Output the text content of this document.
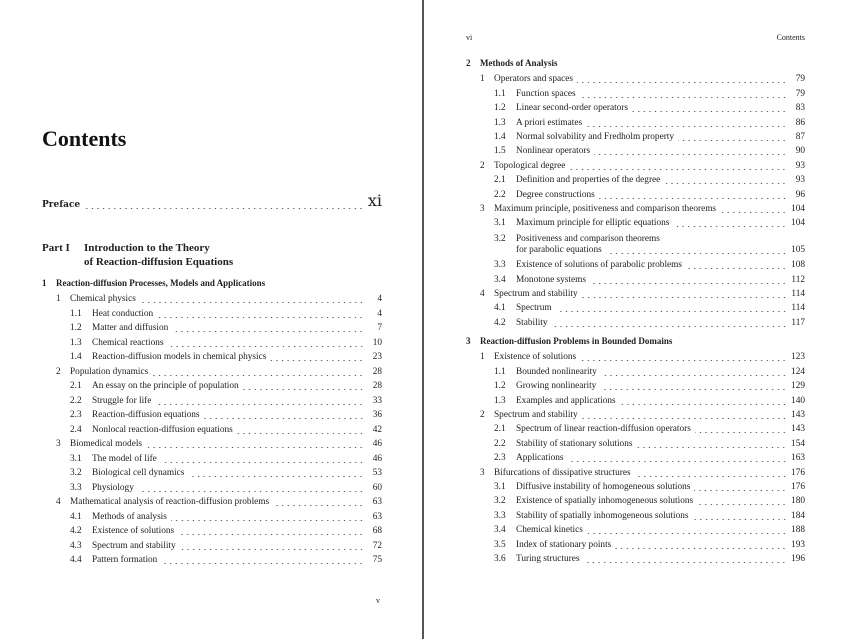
Contents
Preface	xi
Part I Introduction to the Theory
of Reaction-diffusion Equations
1 Reaction-diffusion Processes, Models and Applications
1	Chemical physics	4
1.1	Heat conduction	4
1.2	Matter and diffusion	7
1.3	Chemical reactions	10
1.4	Reaction-diffusion models in chemical physics	23
2	Population dynamics	28
2.1	An essay on the principle of population	28
2.2	Struggle for life	33
2.3	Reaction-diffusion equations	36
2.4	Nonlocal reaction-diffusion equations	42
3	Biomedical models	46
3.1	The model of life	46
3.2	Biological cell dynamics	53
3.3	Physiology	60
4	Mathematical analysis of reaction-diffusion problems	63
4.1	Methods of analysis	63
4.2	Existence of solutions	68
4.3	Spectrum and stability	72
4.4	Pattern formation	75
v
vi	Contents
2 Methods of Analysis
1	Operators and spaces	79
1.1	Function spaces	79
1.2	Linear second-order operators	83
1.3	A priori estimates	86
1.4	Normal solvability and Fredholm property	87
1.5	Nonlinear operators	90
2	Topological degree	93
2.1	Definition and properties of the degree	93
2.2	Degree constructions	96
3	Maximum principle, positiveness and comparison theorems	104
3.1	Maximum principle for elliptic equations	104
3.2	Positiveness and comparison theorems
for parabolic equations	105
3.3	Existence of solutions of parabolic problems	108
3.4	Monotone systems	112
4	Spectrum and stability	114
4.1	Spectrum	114
4.2	Stability	117
3 Reaction-diffusion Problems in Bounded Domains
1	Existence of solutions	123
1.1	Bounded nonlinearity	124
1.2	Growing nonlinearity	129
1.3	Examples and applications	140
2	Spectrum and stability	143
2.1	Spectrum of linear reaction-diffusion operators	143
2.2	Stability of stationary solutions	154
2.3	Applications	163
3	Bifurcations of dissipative structures	176
3.1	Diffusive instability of homogeneous solutions	176
3.2	Existence of spatially inhomogeneous solutions	180
3.3	Stability of spatially inhomogeneous solutions	184
3.4	Chemical kinetics	188
3.5	Index of stationary points	193
3.6	Turing structures	196
